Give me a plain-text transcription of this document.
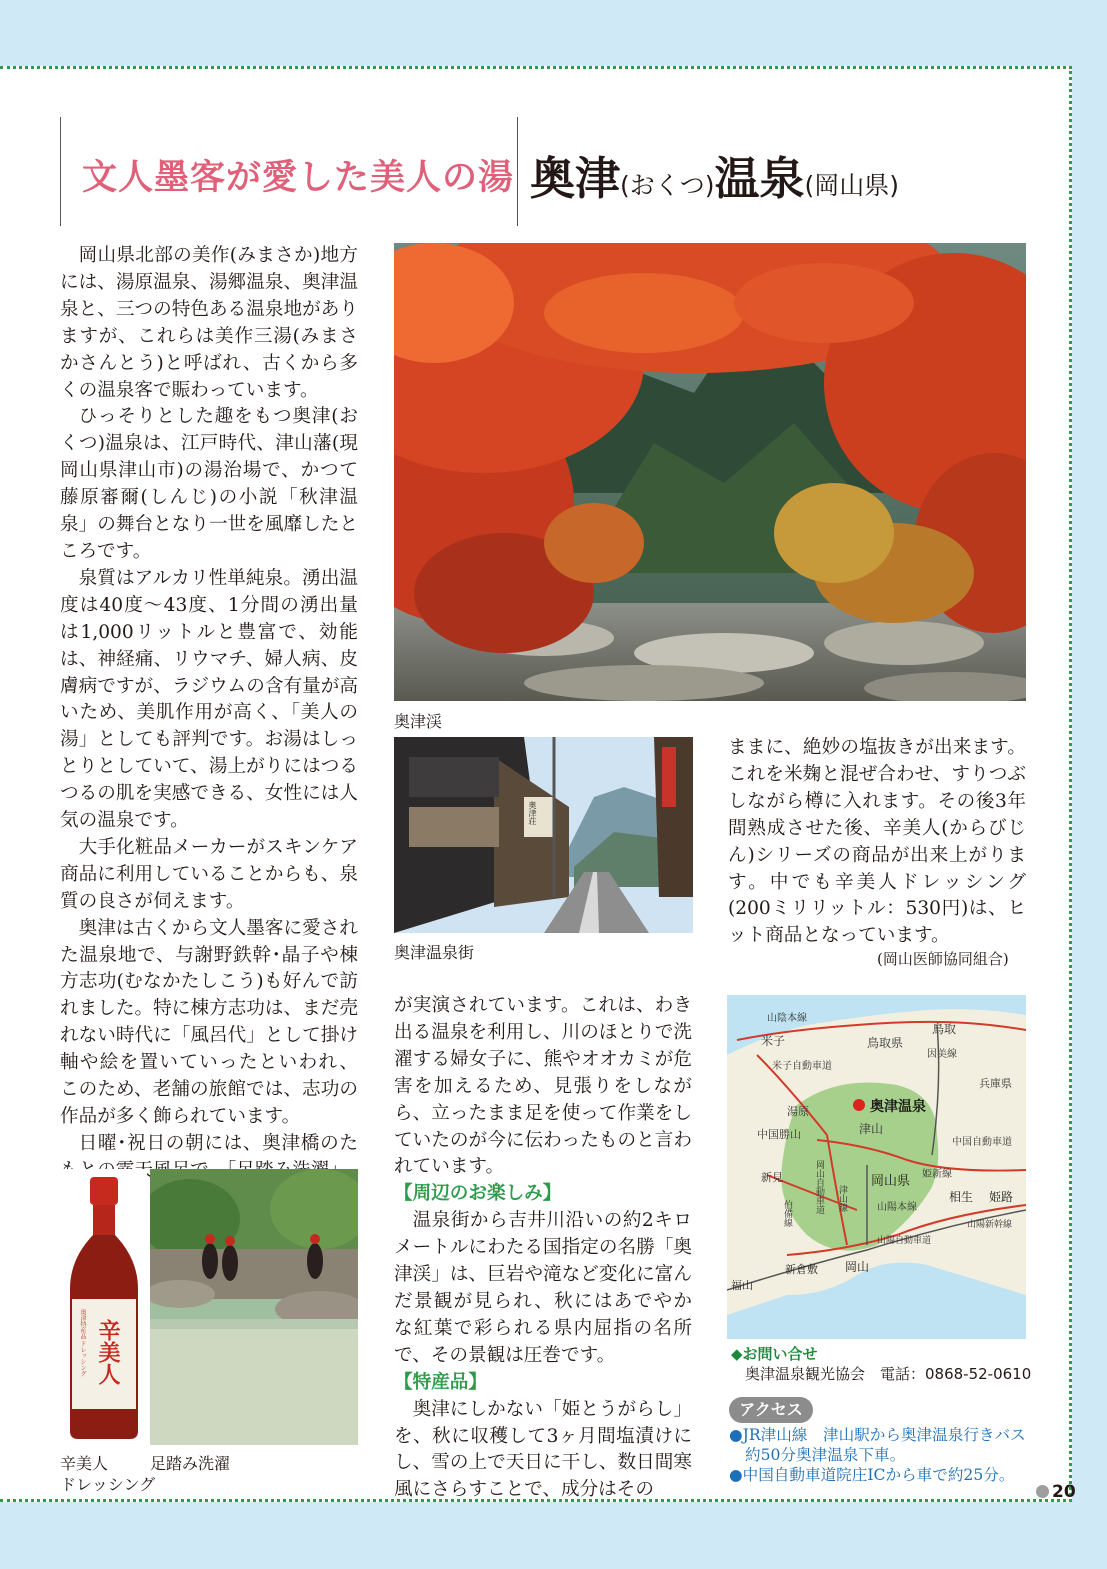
文人墨客が愛した美人の湯 奥津(おくつ)温泉(岡山県)

岡山県北部の美作(みまさか)地方には、湯原温泉、湯郷温泉、奥津温泉と、三つの特色ある温泉地がありますが、これらは美作三湯(みまさかさんとう)と呼ばれ、古くから多くの温泉客で賑わっています。

ひっそりとした趣をもつ奥津(おくつ)温泉は、江戸時代、津山藩(現岡山県津山市)の湯治場で、かつて藤原審爾(しんじ)の小説「秋津温泉」の舞台となり一世を風靡したところです。

泉質はアルカリ性単純泉。湧出温度は40度〜43度、1分間の湧出量は1,000リットルと豊富で、効能は、神経痛、リウマチ、婦人病、皮膚病ですが、ラジウムの含有量が高いため、美肌作用が高く、「美人の湯」としても評判です。お湯はしっとりとしていて、湯上がりにはつるつるの肌を実感できる、女性には人気の温泉です。

大手化粧品メーカーがスキンケア商品に利用していることからも、泉質の良さが伺えます。

奥津は古くから文人墨客に愛された温泉地で、与謝野鉄幹･晶子や棟方志功(むなかたしこう)も好んで訪れました。特に棟方志功は、まだ売れない時代に「風呂代」として掛け軸や絵を置いていったといわれ、このため、老舗の旅館では、志功の作品が多く飾られています。

日曜･祝日の朝には、奥津橋のた

が実演されています。これは、わき出る温泉を利用し、川のほとりで洗濯する婦女子に、熊やオオカミが危害を加えるため、見張りをしながら、立ったまま足を使って作業をしていたのが今に伝わったものと言われています。

【周辺のお楽しみ】

温泉街から吉井川沿いの約2キロメートルにわたる国指定の名勝「奥津渓」は、巨岩や滝など変化に富んだ景観が見られ、秋にはあでやかな紅葉で彩られる県内屈指の名所で、その景観は圧巻です。

【特産品】

奥津にしかない「姫とうがらし」を、秋に収穫して3ヶ月間塩漬けにし、雪の上で天日に干し、数日間寒風にさらすことで、成分はその

ままに、絶妙の塩抜きが出来ます。これを米麹と混ぜ合わせ、すりつぶしながら樽に入れます。その後3年間熟成させた後、辛美人(からびじん)シリーズの商品が出来上がります。中でも辛美人ドレッシング(200ミリリットル：530円)は、ヒット商品となっています。

(岡山医師協同組合)
奥津渓
奥津荘
奥津温泉街
辛美人
奥津特産品 ドレッシング
辛美人
ドレッシング
足踏み洗濯
奥津温泉
山陰本線
鳥取県
鳥取
米子
米子自動車道
因美線
兵庫県
湯原
津山
中国勝山
中国自動車道
新見	岡山県 姫新線
山陽本線
相生 姫路
山陽新幹線
岡山自動車道 津山線
伯備線
山陽自動車道
新倉敷 岡山
福山
◆お問い合せ
奥津温泉観光協会　電話：0868-52-0610
アクセス
●JR津山線　津山駅から奥津温泉行きバス約50分奥津温泉下車。
●中国自動車道院庄ICから車で約25分。
20
